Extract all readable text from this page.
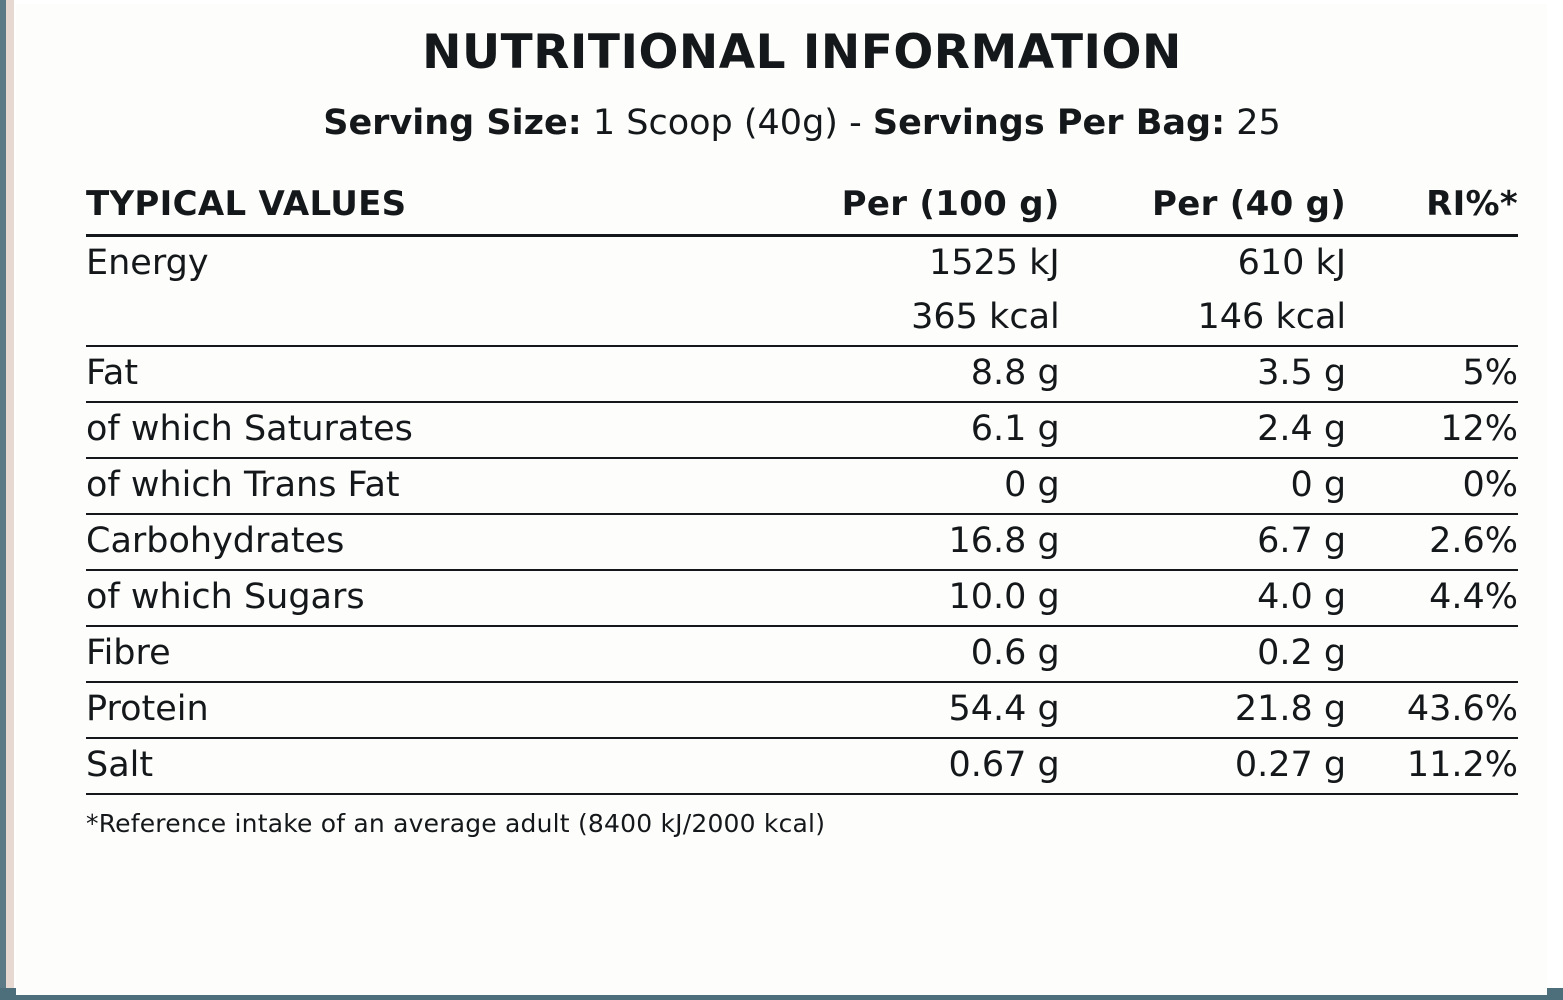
NUTRITIONAL INFORMATION
Serving Size: 1 Scoop (40g) - Servings Per Bag: 25
TYPICAL VALUES	Per (100 g)	Per (40 g)	RI%*
Energy	1525 kJ	610 kJ	
	365 kcal	146 kcal	
Fat	8.8 g	3.5 g	5%
of which Saturates	6.1 g	2.4 g	12%
of which Trans Fat	0 g	0 g	0%
Carbohydrates	16.8 g	6.7 g	2.6%
of which Sugars	10.0 g	4.0 g	4.4%
Fibre	0.6 g	0.2 g	
Protein	54.4 g	21.8 g	43.6%
Salt	0.67 g	0.27 g	11.2%
*Reference intake of an average adult (8400 kJ/2000 kcal)
